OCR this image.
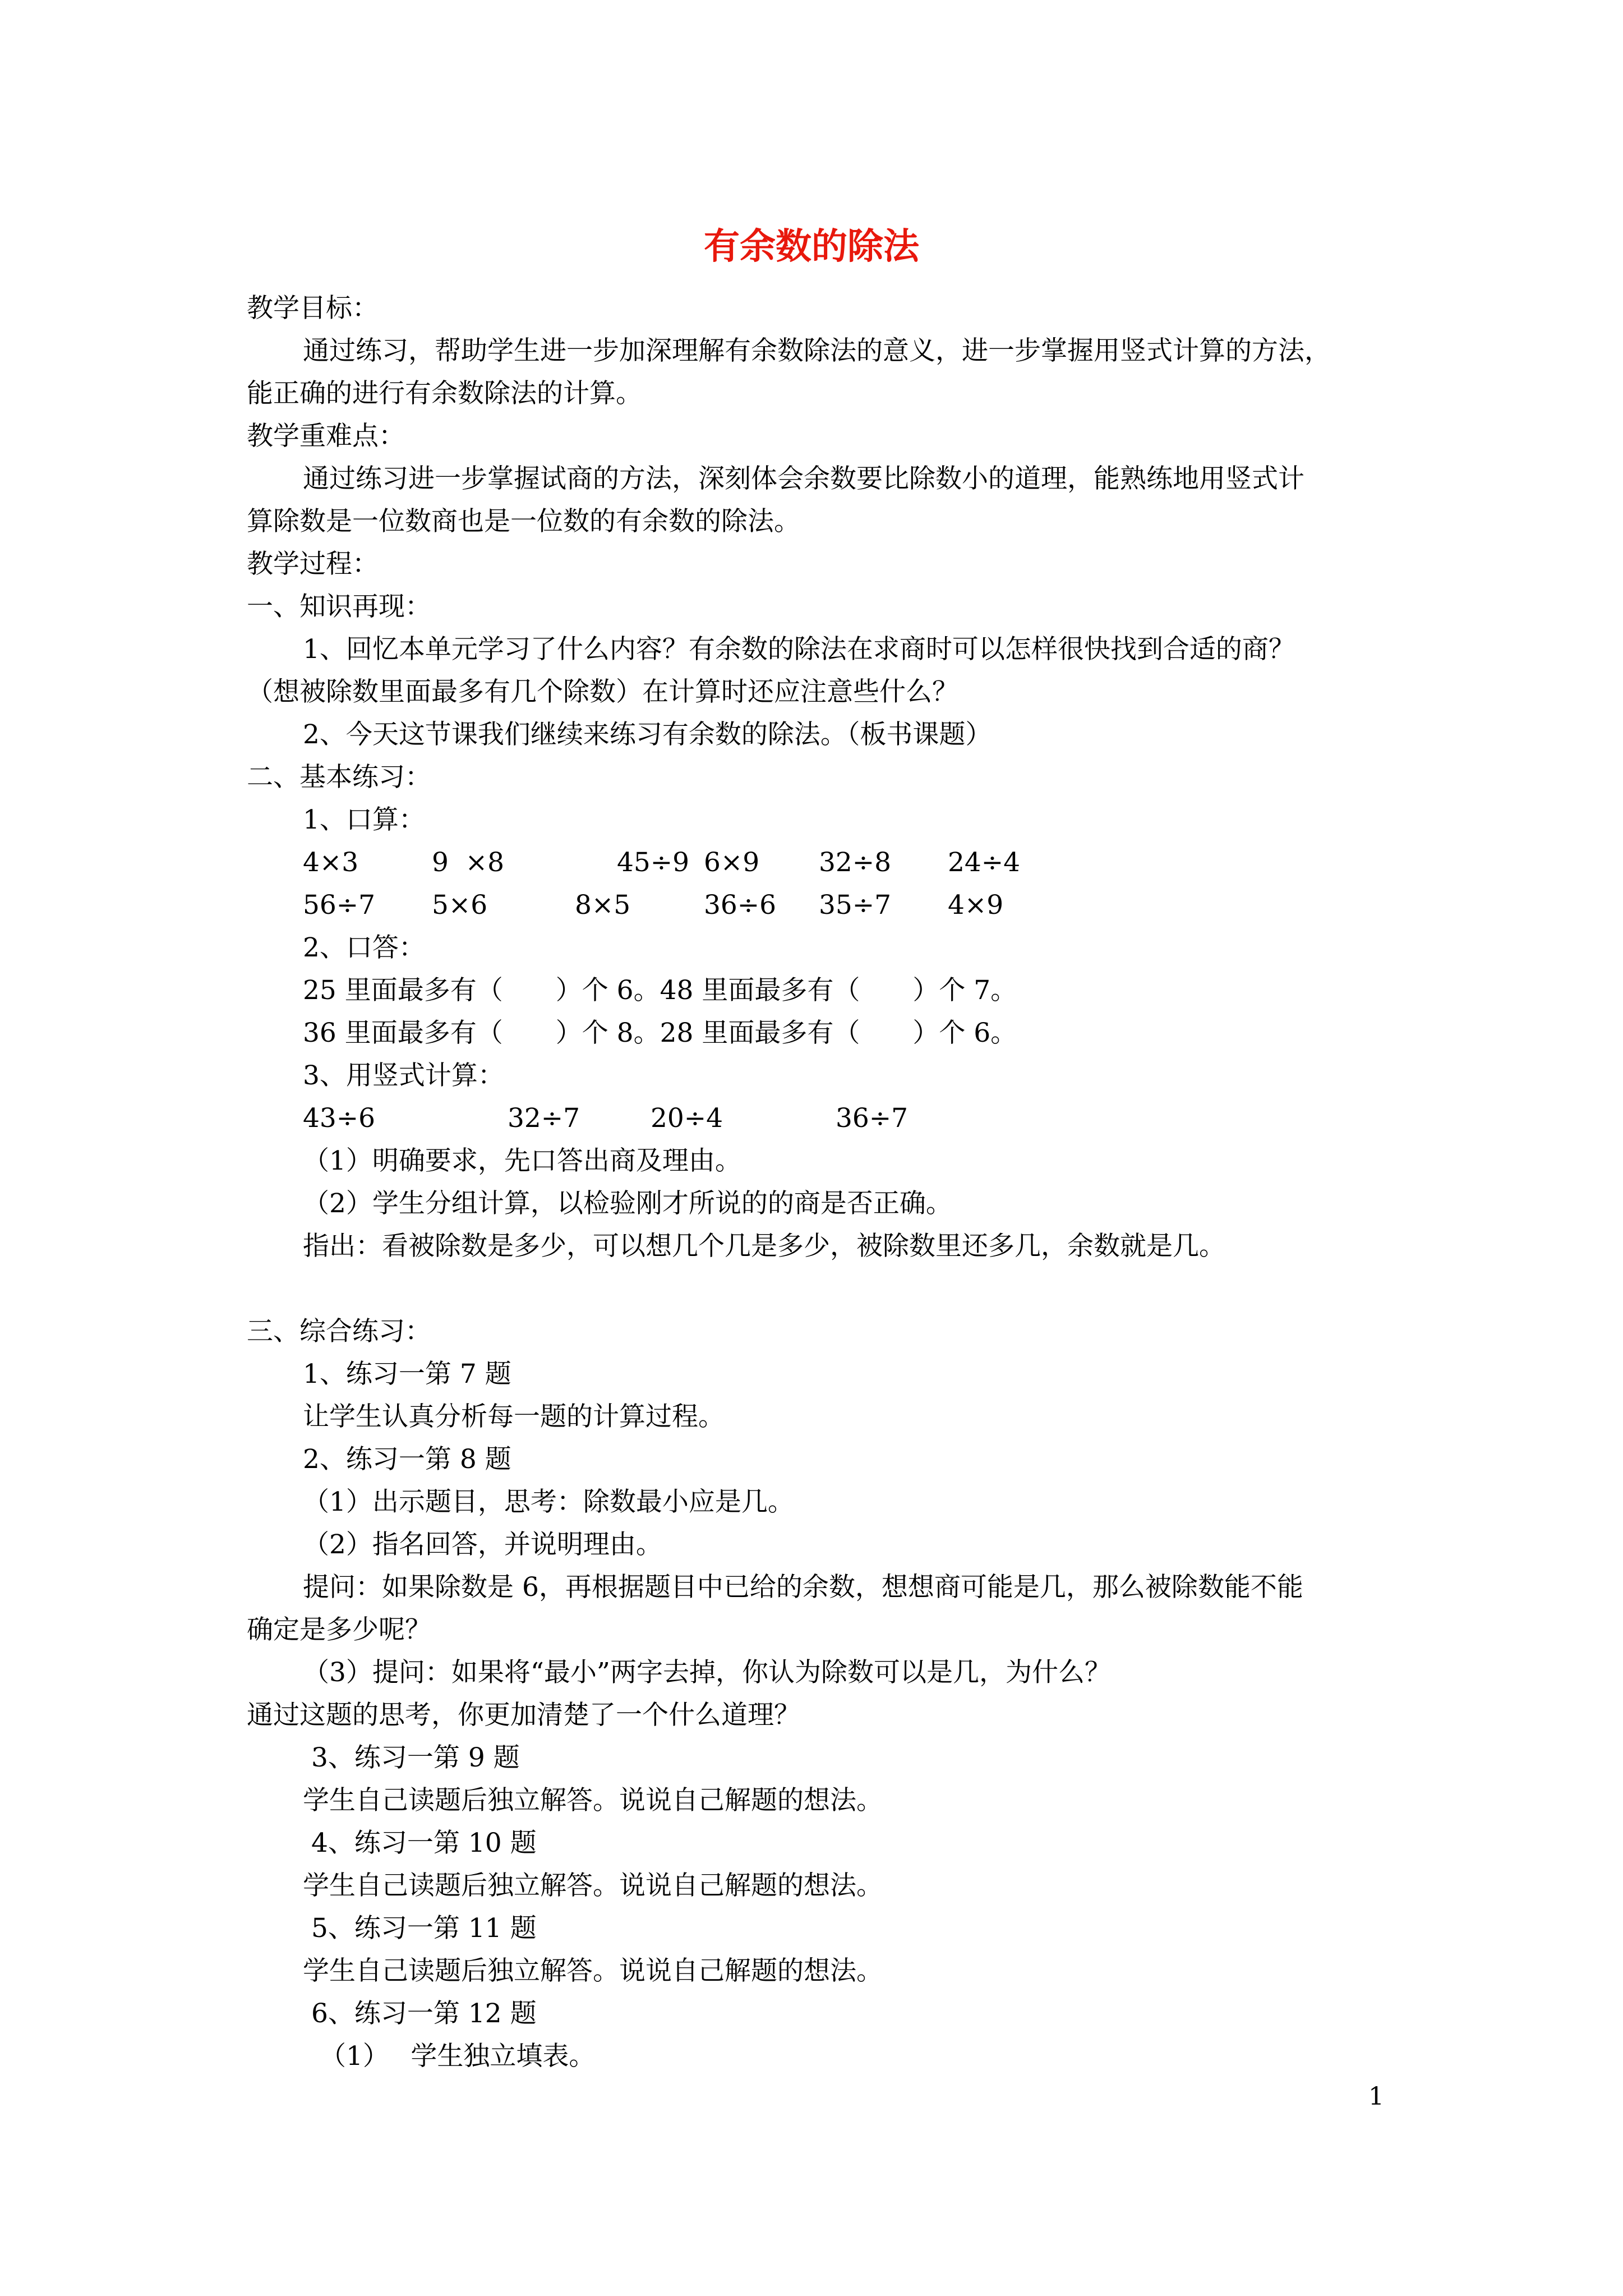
有余数的除法
教学目标：
通过练习，帮助学生进一步加深理解有余数除法的意义，进一步掌握用竖式计算的方法，
能正确的进行有余数除法的计算。
教学重难点：
通过练习进一步掌握试商的方法，深刻体会余数要比除数小的道理，能熟练地用竖式计
算除数是一位数商也是一位数的有余数的除法。
教学过程：
一、知识再现：
1、回忆本单元学习了什么内容？有余数的除法在求商时可以怎样很快找到合适的商？
（想被除数里面最多有几个除数）在计算时还应注意些什么？
2、今天这节课我们继续来练习有余数的除法。（板书课题）
二、基本练习：
1、口算：
4×3	9  ×8	45÷9 6×9 32÷8 24÷4
56÷7 5×6	8×5	36÷6 35÷7 4×9
2、口答：
25 里面最多有（　　）个 6。48 里面最多有（　　）个 7。
36 里面最多有（　　）个 8。28 里面最多有（　　）个 6。
3、用竖式计算：
43÷6	32÷7	20÷4	36÷7
（1）明确要求，先口答出商及理由。
（2）学生分组计算，以检验刚才所说的的商是否正确。
指出：看被除数是多少，可以想几个几是多少，被除数里还多几，余数就是几。
三、综合练习：
1、练习一第 7 题
让学生认真分析每一题的计算过程。
2、练习一第 8 题
（1）出示题目，思考：除数最小应是几。
（2）指名回答，并说明理由。
提问：如果除数是 6，再根据题目中已给的余数，想想商可能是几，那么被除数能不能
确定是多少呢？
（3）提问：如果将“最小”两字去掉，你认为除数可以是几，为什么？
通过这题的思考，你更加清楚了一个什么道理？
3、练习一第 9 题
学生自己读题后独立解答。说说自己解题的想法。
4、练习一第 10 题
学生自己读题后独立解答。说说自己解题的想法。
5、练习一第 11 题
学生自己读题后独立解答。说说自己解题的想法。
6、练习一第 12 题
（1）　 学生独立填表。
1
